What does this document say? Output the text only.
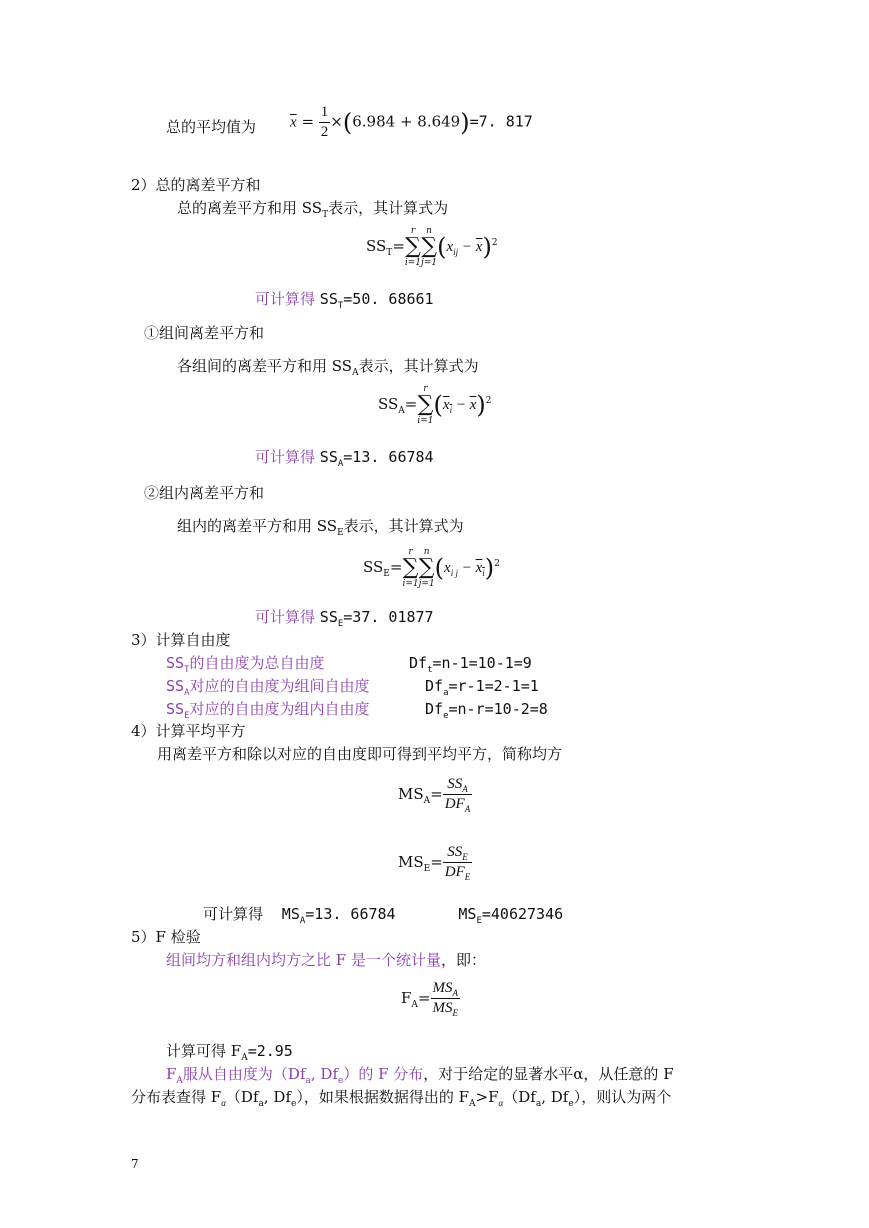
总的平均值为 $\overline{x} = \frac{1}{2} \times(6.984 + 8.649)=7$. 817
2）总的离差平方和
总的离差平方和用 $SS_T$表示，其计算式为
$SS_T=$
r
∑
i=1
n
∑
j=1
$(x_{ij} - \overline{x})^2$
可计算得 $SS_T=50$. 68661
①组间离差平方和
各组间的离差平方和用 $SS_A$表示，其计算式为
$SS_A=$
r
∑
i=1
$(x_i - \overline{x})^2$
可计算得 $SS_A=13$. 66784
②组内离差平方和
组内的离差平方和用 $SS_E$表示，其计算式为
$SS_E=$
r
∑
i=1
n
∑
j=1
$(x_{i j} - x_i)^2$
可计算得 $SS_E=37$. 01877
3）计算自由度
$SS_T$的自由度为总自由度	$Df_t=n-1=10-1=9$
$SS_A$对应的自由度为组间自由度	$Df_a=r-1=2-1=1$
$SS_E$对应的自由度为组内自由度	$Df_e=n-r=10-2=8$
4）计算平均平方
用离差平方和除以对应的自由度即可得到平均平方，简称均方
$MS_A= \frac{SS_A}{DF_A}$
$MS_E= \frac{SS_E}{DF_E}$
可计算得 $MS_A=13$. 66784	$MS_E=40627346$
5）F 检验
组间均方和组内均方之比 F 是一个统计量，即：
$F_A= \frac{MS_A}{MS_E}$
计算可得 $F_A=2.95$
$F_A$服从自由度为（$Df_a$, $Df_e$）的 F 分布，对于给定的显著水平α，从任意的 F
分布表查得 $F_\alpha(Df_a$, $Df_e$），如果根据数据得出的 $F_A>F_\alpha(Df_a$, $Df_e$），则认为两个
7
